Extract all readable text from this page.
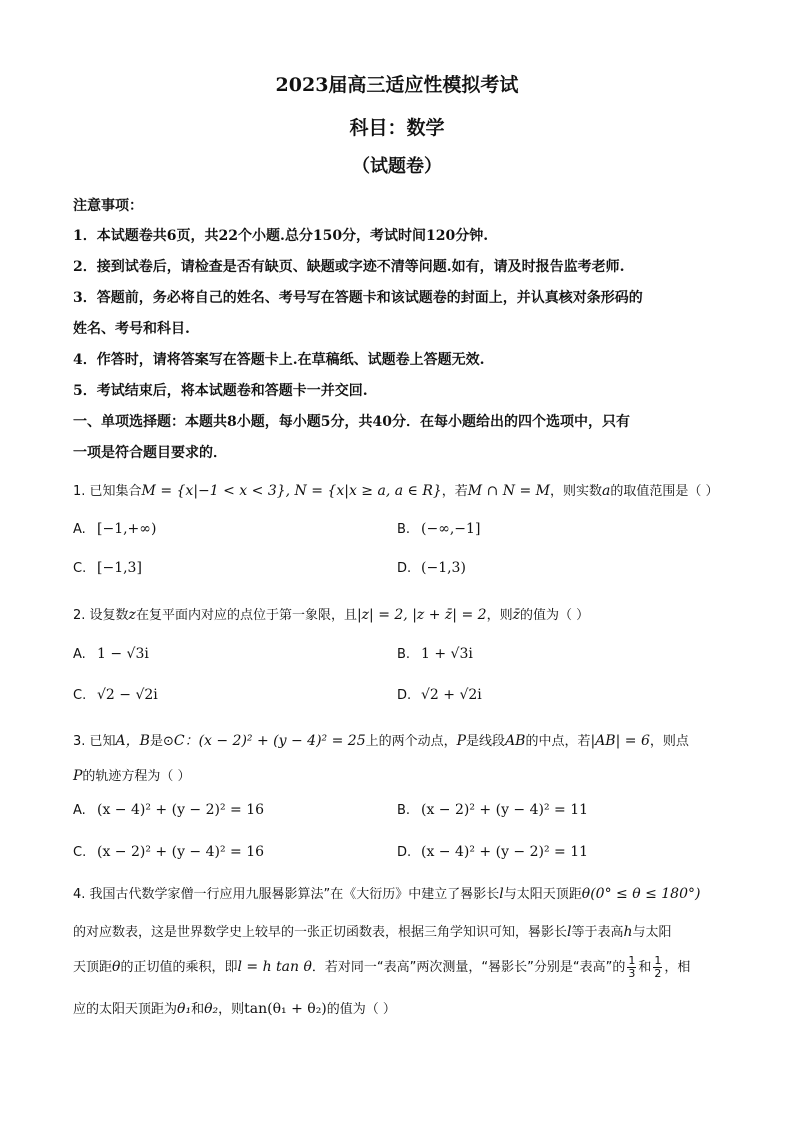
2023届高三适应性模拟考试
科目：数学
（试题卷）
注意事项：
1．本试题卷共6页，共22个小题.总分150分，考试时间120分钟.
2．接到试卷后，请检查是否有缺页、缺题或字迹不清等问题.如有，请及时报告监考老师.
3．答题前，务必将自己的姓名、考号写在答题卡和该试题卷的封面上，并认真核对条形码的
姓名、考号和科目.
4．作答时，请将答案写在答题卡上.在草稿纸、试题卷上答题无效.
5．考试结束后，将本试题卷和答题卡一并交回.
一、单项选择题：本题共8小题，每小题5分，共40分．在每小题给出的四个选项中，只有
一项是符合题目要求的．
1. 已知集合M = {x|−1 < x < 3}, N = {x|x ≥ a, a ∈ R}，若M ∩ N = M，则实数a的取值范围是（ ）
A. [−1,+∞)	B. (−∞,−1]
C. [−1,3]	D. (−1,3)
2. 设复数z在复平面内对应的点位于第一象限，且|z| = 2, |z + z̄| = 2，则z̄的值为（ ）
A. 1 − √3i	B. 1 + √3i
C. √2 − √2i	D. √2 + √2i
3. 已知A，B是⊙C：(x − 2)² + (y − 4)² = 25上的两个动点，P是线段AB的中点，若|AB| = 6，则点
P的轨迹方程为（ ）
A. (x − 4)² + (y − 2)² = 16	B. (x − 2)² + (y − 4)² = 11
C. (x − 2)² + (y − 4)² = 16	D. (x − 4)² + (y − 2)² = 11
4. 我国古代数学家僧一行应用九服晷影算法”在《大衍历》中建立了晷影长l与太阳天顶距θ(0° ≤ θ ≤ 180°)
的对应数表，这是世界数学史上较早的一张正切函数表，根据三角学知识可知，晷影长l等于表高h与太阳
天顶距θ的正切值的乘积，即l = h tan θ．若对同一“表高”两次测量，“晷影长”分别是“表高”的 $\frac{1}{3}$ 和 $\frac{1}{2}$ ，相
应的太阳天顶距为θ₁和θ₂，则tan(θ₁ + θ₂)的值为（ ）
